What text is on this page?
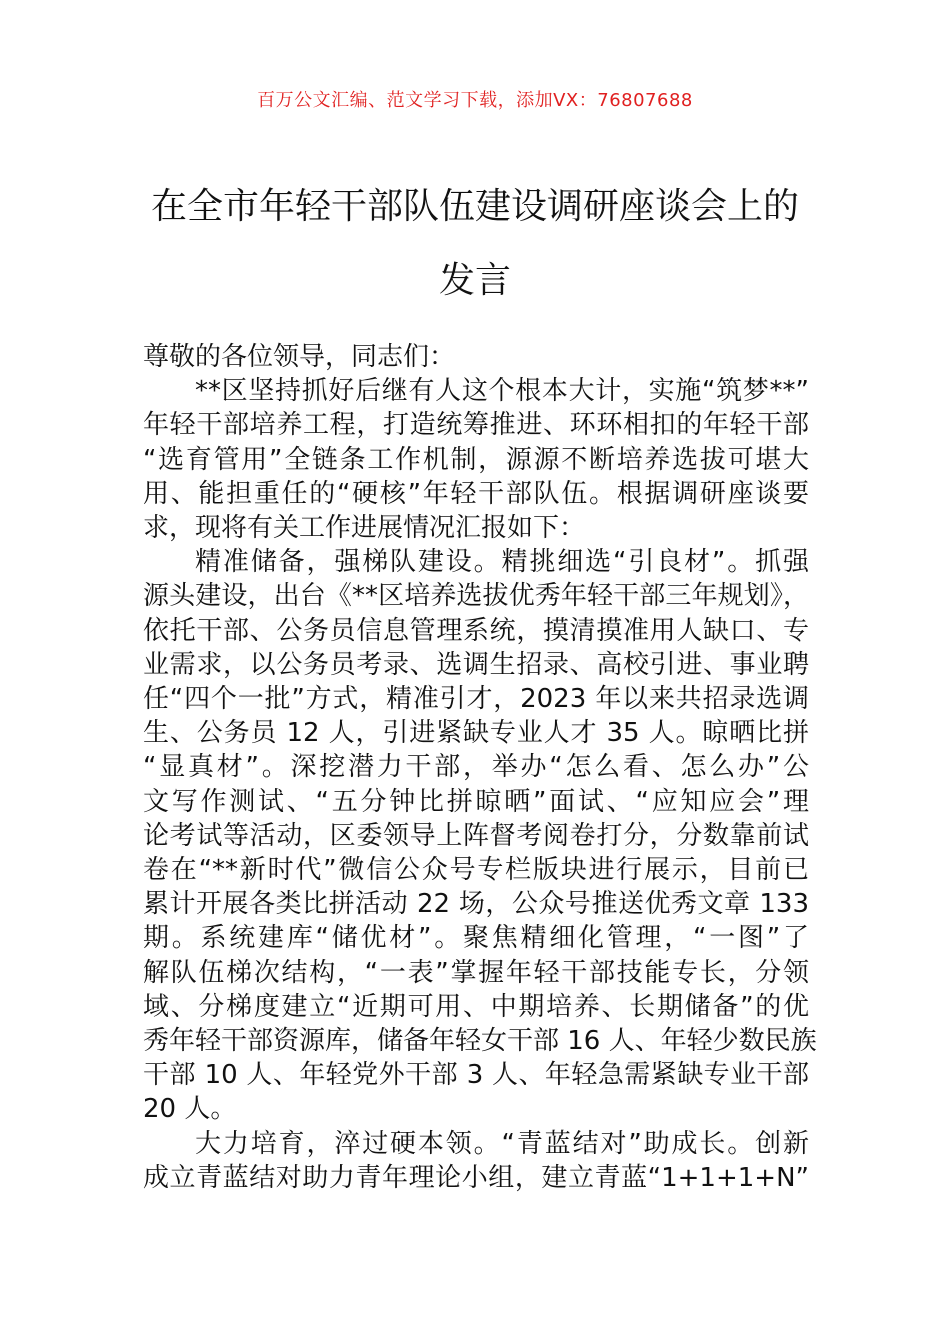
百万公文汇编、范文学习下载，添加VX：76807688
在全市年轻干部队伍建设调研座谈会上的
发言
尊敬的各位领导，同志们：
**区坚持抓好后继有人这个根本大计，实施“筑梦**”
年轻干部培养工程，打造统筹推进、环环相扣的年轻干部
“选育管用”全链条工作机制，源源不断培养选拔可堪大
用、能担重任的“硬核”年轻干部队伍。根据调研座谈要
求，现将有关工作进展情况汇报如下：
精准储备，强梯队建设。精挑细选“引良材”。抓强
源头建设，出台《**区培养选拔优秀年轻干部三年规划》，
依托干部、公务员信息管理系统，摸清摸准用人缺口、专
业需求，以公务员考录、选调生招录、高校引进、事业聘
任“四个一批”方式，精准引才，2023 年以来共招录选调
生、公务员 12 人，引进紧缺专业人才 35 人。晾晒比拼
“显真材”。深挖潜力干部，举办“怎么看、怎么办”公
文写作测试、“五分钟比拼晾晒”面试、“应知应会”理
论考试等活动，区委领导上阵督考阅卷打分，分数靠前试
卷在“**新时代”微信公众号专栏版块进行展示，目前已
累计开展各类比拼活动 22 场，公众号推送优秀文章 133
期。系统建库“储优材”。聚焦精细化管理，“一图”了
解队伍梯次结构，“一表”掌握年轻干部技能专长，分领
域、分梯度建立“近期可用、中期培养、长期储备”的优
秀年轻干部资源库，储备年轻女干部 16 人、年轻少数民族
干部 10 人、年轻党外干部 3 人、年轻急需紧缺专业干部
20 人。
大力培育，淬过硬本领。“青蓝结对”助成长。创新
成立青蓝结对助力青年理论小组，建立青蓝“1+1+1+N”
